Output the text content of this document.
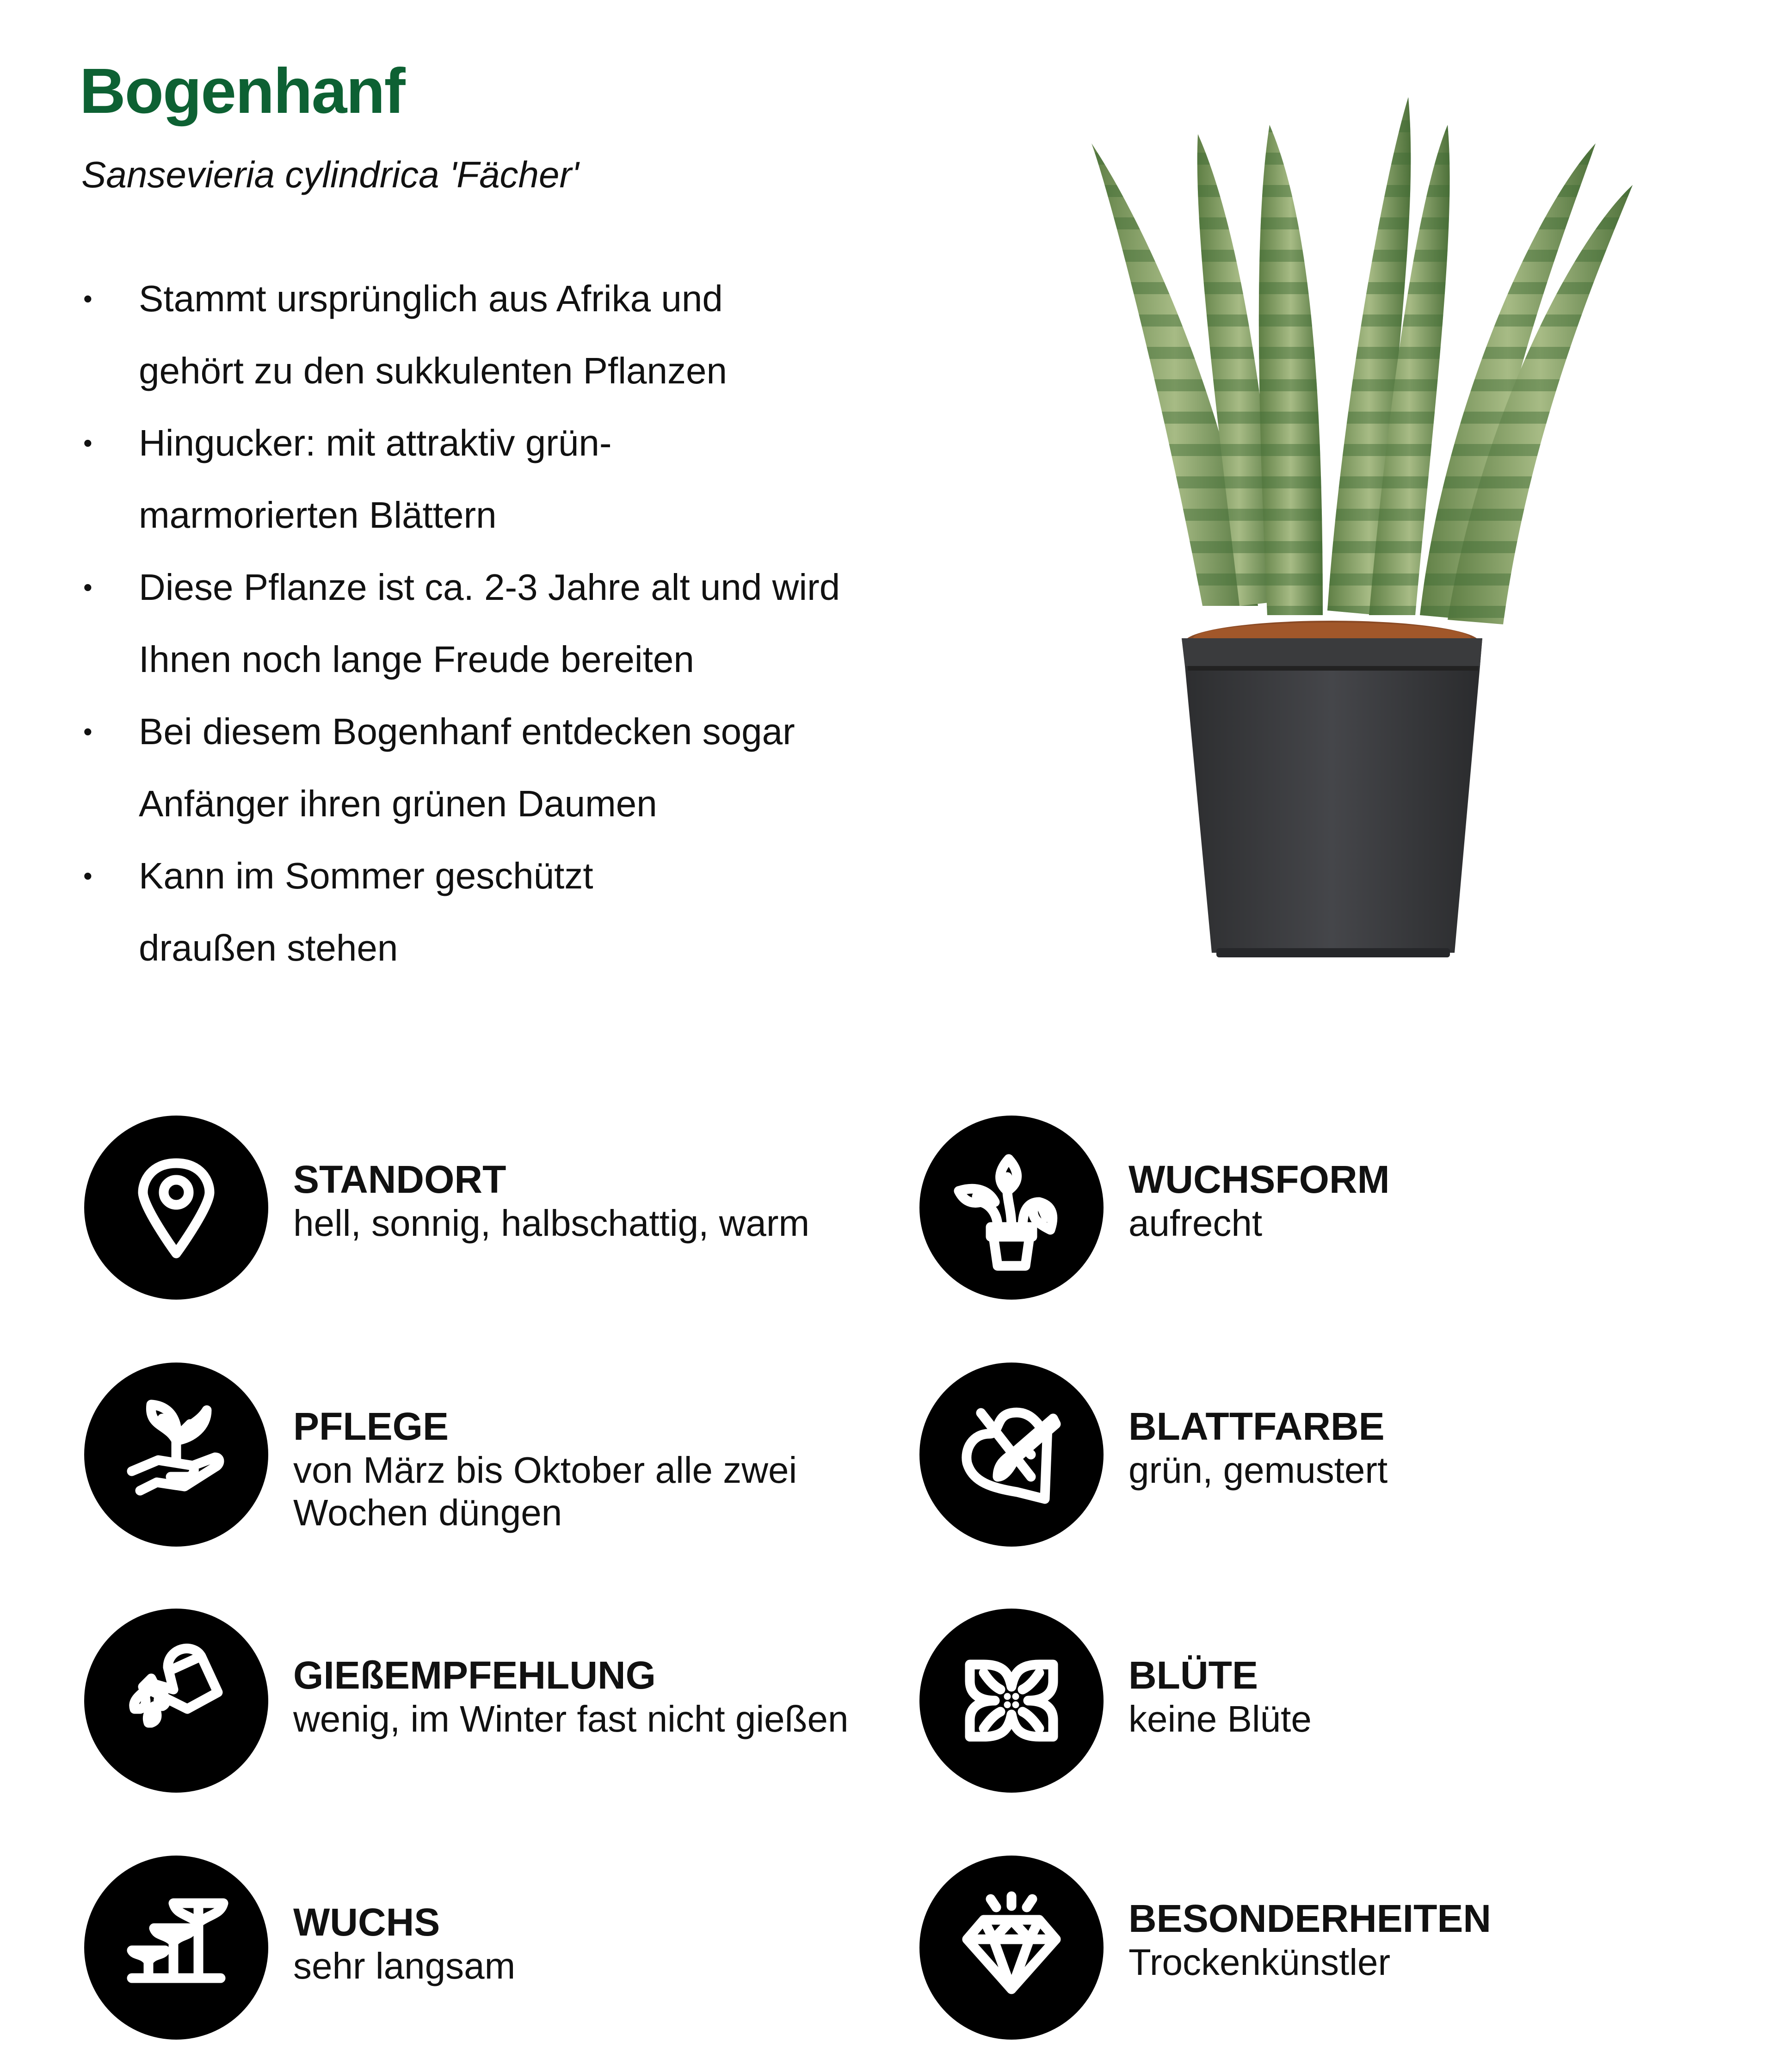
Bogenhanf

Sansevieria cylindrica 'Fächer'

• Stammt ursprünglich aus Afrika und
gehört zu den sukkulenten Pflanzen
• Hingucker: mit attraktiv grün-
marmorierten Blättern
• Diese Pflanze ist ca. 2-3 Jahre alt und wird
Ihnen noch lange Freude bereiten
• Bei diesem Bogenhanf entdecken sogar
Anfänger ihren grünen Daumen
• Kann im Sommer geschützt
draußen stehen
STANDORT
hell, sonnig, halbschattig, warm
WUCHSFORM
aufrecht
PFLEGE
von März bis Oktober alle zwei
Wochen düngen
BLATTFARBE
grün, gemustert
GIEßEMPFEHLUNG
wenig, im Winter fast nicht gießen
BLÜTE
keine Blüte
WUCHS
sehr langsam
BESONDERHEITEN
Trockenkünstler
